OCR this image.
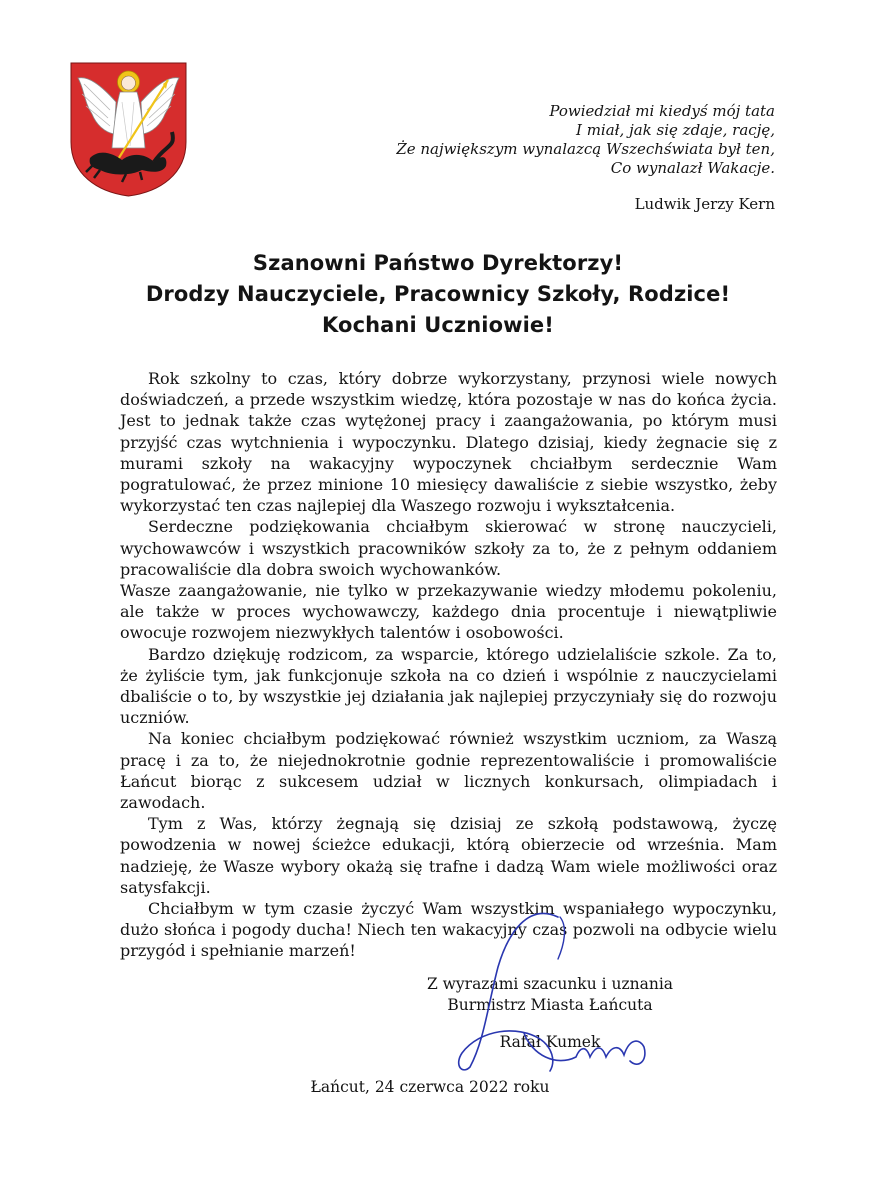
Powiedział mi kiedyś mój tata
I miał, jak się zdaje, rację,
Że największym wynalazcą Wszechświata był ten,
Co wynalazł Wakacje.
Ludwik Jerzy Kern
Szanowni Państwo Dyrektorzy!
Drodzy Nauczyciele, Pracownicy Szkoły, Rodzice!
Kochani Uczniowie!

Rok szkolny to czas, który dobrze wykorzystany, przynosi wiele nowych doświadczeń, a przede wszystkim wiedzę, która pozostaje w nas do końca życia. Jest to jednak także czas wytężonej pracy i zaangażowania, po którym musi przyjść czas wytchnienia i wypoczynku. Dlatego dzisiaj, kiedy żegnacie się z murami szkoły na wakacyjny wypoczynek chciałbym serdecznie Wam pogratulować, że przez minione 10 miesięcy dawaliście z siebie wszystko, żeby wykorzystać ten czas najlepiej dla Waszego rozwoju i wykształcenia.

Serdeczne podziękowania chciałbym skierować w stronę nauczycieli, wychowawców i wszystkich pracowników szkoły za to, że z pełnym oddaniem pracowaliście dla dobra swoich wychowanków.

Wasze zaangażowanie, nie tylko w przekazywanie wiedzy młodemu pokoleniu, ale także w proces wychowawczy, każdego dnia procentuje i niewątpliwie owocuje rozwojem niezwykłych talentów i osobowości.

Bardzo dziękuję rodzicom, za wsparcie, którego udzielaliście szkole. Za to, że żyliście tym, jak funkcjonuje szkoła na co dzień i wspólnie z nauczycielami dbaliście o to, by wszystkie jej działania jak najlepiej przyczyniały się do rozwoju uczniów.

Na koniec chciałbym podziękować również wszystkim uczniom, za Waszą pracę i za to, że niejednokrotnie godnie reprezentowaliście i promowaliście Łańcut biorąc z sukcesem udział w licznych konkursach, olimpiadach i zawodach.

Tym z Was, którzy żegnają się dzisiaj ze szkołą podstawową, życzę powodzenia w nowej ścieżce edukacji, którą obierzecie od września. Mam nadzieję, że Wasze wybory okażą się trafne i dadzą Wam wiele możliwości oraz satysfakcji.

Chciałbym w tym czasie życzyć Wam wszystkim wspaniałego wypoczynku, dużo słońca i pogody ducha! Niech ten wakacyjny czas pozwoli na odbycie wielu przygód i spełnianie marzeń!

Z wyrazami szacunku i uznania
Burmistrz Miasta Łańcuta
Rafał Kumek
Łańcut, 24 czerwca 2022 roku
